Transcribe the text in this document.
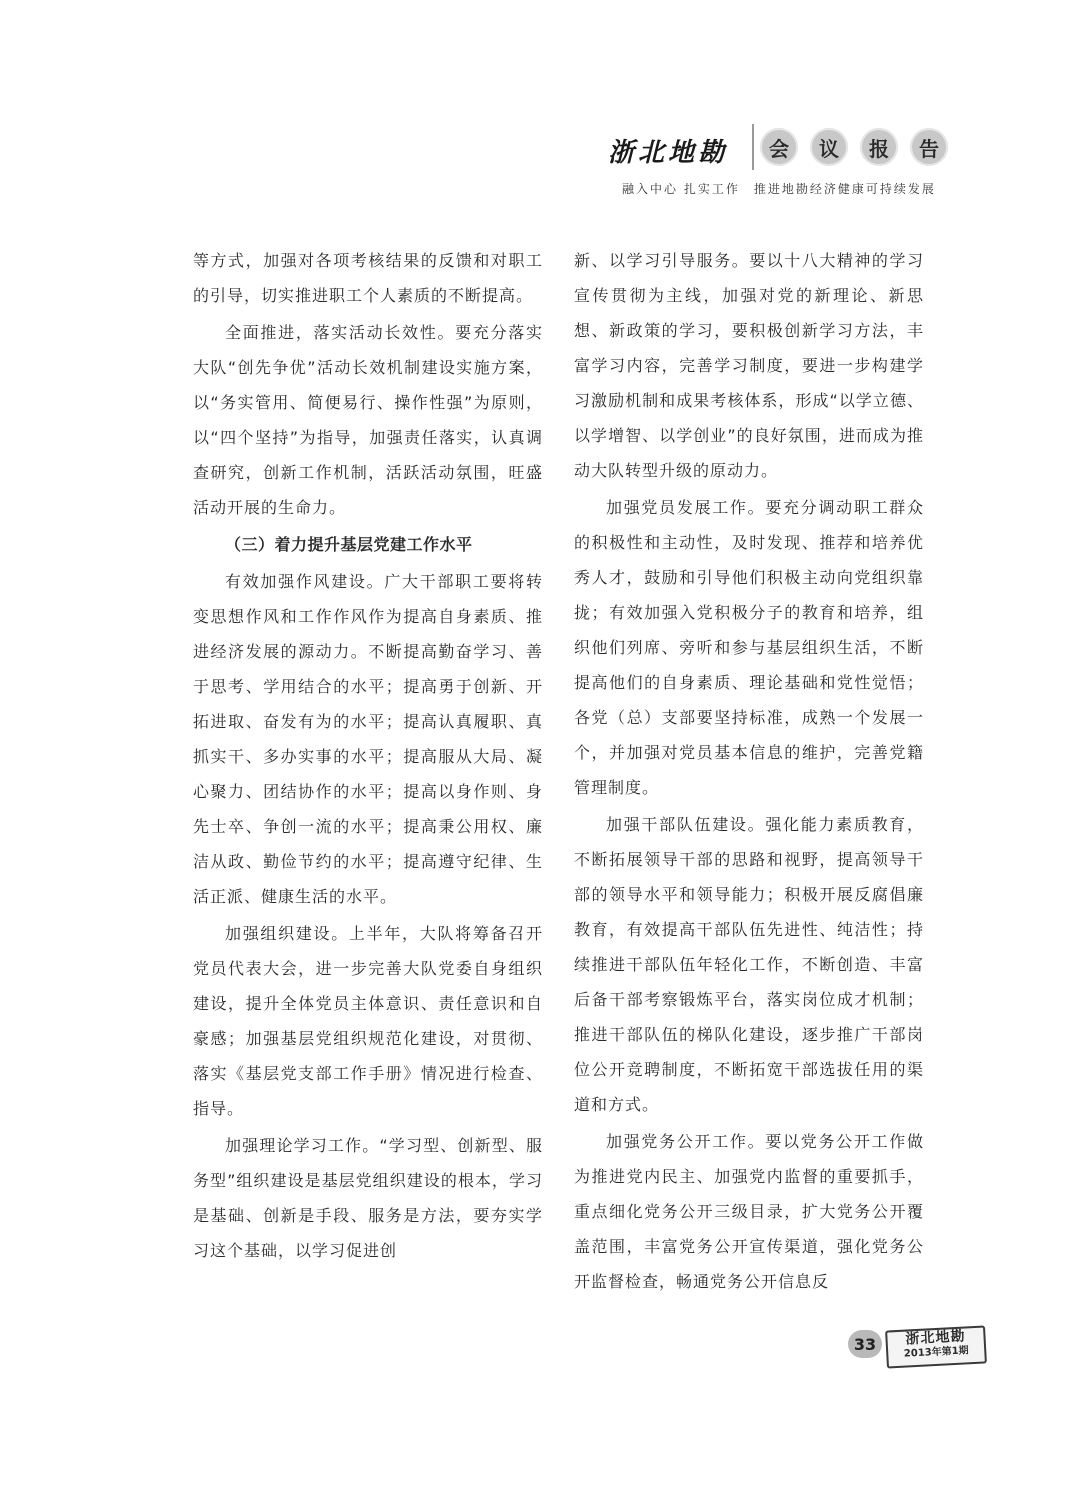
浙北地勘	会	议	报	告
融入中心 扎实工作 推进地勘经济健康可持续发展

等方式，加强对各项考核结果的反馈和对职工的引导，切实推进职工个人素质的不断提高。

全面推进，落实活动长效性。要充分落实大队“创先争优”活动长效机制建设实施方案，以“务实管用、简便易行、操作性强”为原则，以“四个坚持”为指导，加强责任落实，认真调查研究，创新工作机制，活跃活动氛围，旺盛活动开展的生命力。

（三）着力提升基层党建工作水平

有效加强作风建设。广大干部职工要将转变思想作风和工作作风作为提高自身素质、推进经济发展的源动力。不断提高勤奋学习、善于思考、学用结合的水平；提高勇于创新、开拓进取、奋发有为的水平；提高认真履职、真抓实干、多办实事的水平；提高服从大局、凝心聚力、团结协作的水平；提高以身作则、身先士卒、争创一流的水平；提高秉公用权、廉洁从政、勤俭节约的水平；提高遵守纪律、生活正派、健康生活的水平。

加强组织建设。上半年，大队将筹备召开党员代表大会，进一步完善大队党委自身组织建设，提升全体党员主体意识、责任意识和自豪感；加强基层党组织规范化建设，对贯彻、落实《基层党支部工作手册》情况进行检查、指导。

加强理论学习工作。“学习型、创新型、服务型”组织建设是基层党组织建设的根本，学习是基础、创新是手段、服务是方法，要夯实学习这个基础，以学习促进创

新、以学习引导服务。要以十八大精神的学习宣传贯彻为主线，加强对党的新理论、新思想、新政策的学习，要积极创新学习方法，丰富学习内容，完善学习制度，要进一步构建学习激励机制和成果考核体系，形成“以学立德、以学增智、以学创业”的良好氛围，进而成为推动大队转型升级的原动力。

加强党员发展工作。要充分调动职工群众的积极性和主动性，及时发现、推荐和培养优秀人才，鼓励和引导他们积极主动向党组织靠拢；有效加强入党积极分子的教育和培养，组织他们列席、旁听和参与基层组织生活，不断提高他们的自身素质、理论基础和党性觉悟；各党（总）支部要坚持标准，成熟一个发展一个，并加强对党员基本信息的维护，完善党籍管理制度。

加强干部队伍建设。强化能力素质教育，不断拓展领导干部的思路和视野，提高领导干部的领导水平和领导能力；积极开展反腐倡廉教育，有效提高干部队伍先进性、纯洁性；持续推进干部队伍年轻化工作，不断创造、丰富后备干部考察锻炼平台，落实岗位成才机制；推进干部队伍的梯队化建设，逐步推广干部岗位公开竞聘制度，不断拓宽干部选拔任用的渠道和方式。

加强党务公开工作。要以党务公开工作做为推进党内民主、加强党内监督的重要抓手，重点细化党务公开三级目录，扩大党务公开覆盖范围，丰富党务公开宣传渠道，强化党务公开监督检查，畅通党务公开信息反

33	浙北地勘
2013年第1期
